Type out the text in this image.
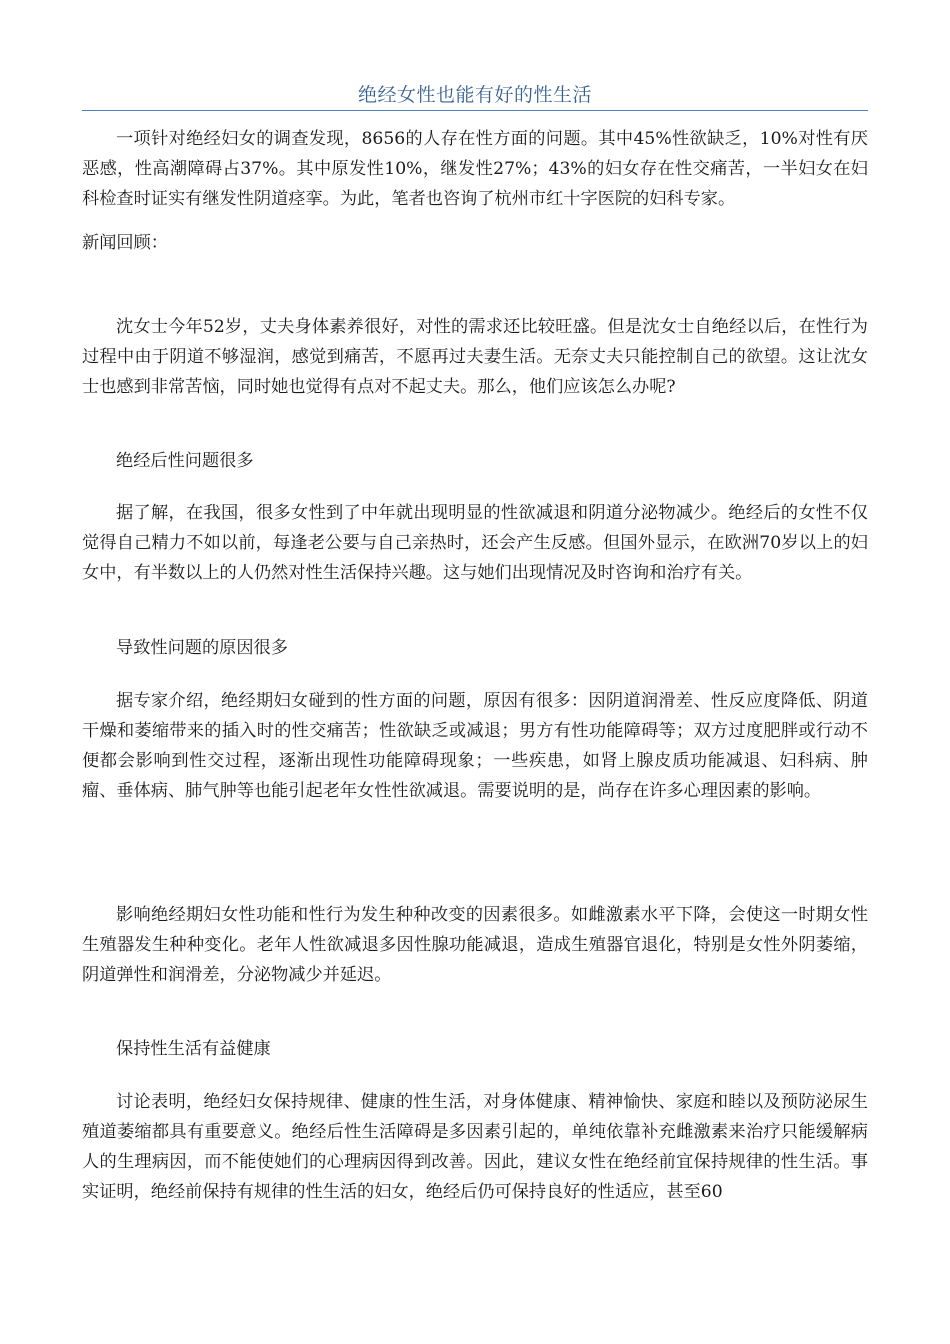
绝经女性也能有好的性生活

一项针对绝经妇女的调查发现，8656的人存在性方面的问题。其中45%性欲缺乏，10%对性有厌恶感，性高潮障碍占37%。其中原发性10%，继发性27%；43%的妇女存在性交痛苦，一半妇女在妇科检查时证实有继发性阴道痉挛。为此，笔者也咨询了杭州市红十字医院的妇科专家。

新闻回顾：

沈女士今年52岁，丈夫身体素养很好，对性的需求还比较旺盛。但是沈女士自绝经以后，在性行为过程中由于阴道不够湿润，感觉到痛苦，不愿再过夫妻生活。无奈丈夫只能控制自己的欲望。这让沈女士也感到非常苦恼，同时她也觉得有点对不起丈夫。那么，他们应该怎么办呢?

绝经后性问题很多

据了解，在我国，很多女性到了中年就出现明显的性欲减退和阴道分泌物减少。绝经后的女性不仅觉得自己精力不如以前，每逢老公要与自己亲热时，还会产生反感。但国外显示，在欧洲70岁以上的妇女中，有半数以上的人仍然对性生活保持兴趣。这与她们出现情况及时咨询和治疗有关。

导致性问题的原因很多

据专家介绍，绝经期妇女碰到的性方面的问题，原因有很多：因阴道润滑差、性反应度降低、阴道干燥和萎缩带来的插入时的性交痛苦；性欲缺乏或减退；男方有性功能障碍等；双方过度肥胖或行动不便都会影响到性交过程，逐渐出现性功能障碍现象；一些疾患，如肾上腺皮质功能减退、妇科病、肿瘤、垂体病、肺气肿等也能引起老年女性性欲减退。需要说明的是，尚存在许多心理因素的影响。

影响绝经期妇女性功能和性行为发生种种改变的因素很多。如雌激素水平下降，会使这一时期女性生殖器发生种种变化。老年人性欲减退多因性腺功能减退，造成生殖器官退化，特别是女性外阴萎缩，阴道弹性和润滑差，分泌物减少并延迟。

保持性生活有益健康

讨论表明，绝经妇女保持规律、健康的性生活，对身体健康、精神愉快、家庭和睦以及预防泌尿生殖道萎缩都具有重要意义。绝经后性生活障碍是多因素引起的，单纯依靠补充雌激素来治疗只能缓解病人的生理病因，而不能使她们的心理病因得到改善。因此，建议女性在绝经前宜保持规律的性生活。事实证明，绝经前保持有规律的性生活的妇女，绝经后仍可保持良好的性适应，甚至60
